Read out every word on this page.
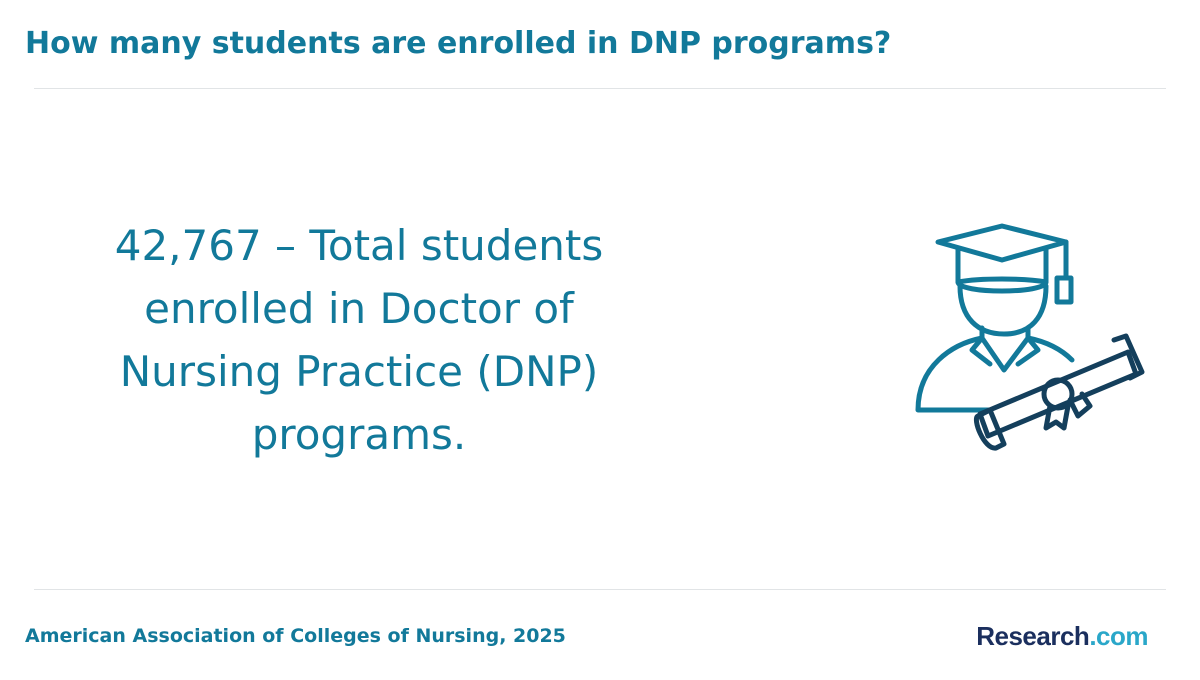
How many students are enrolled in DNP programs?

42,767 – Total students enrolled in Doctor of Nursing Practice (DNP) programs.

American Association of Colleges of Nursing, 2025	Research.com
